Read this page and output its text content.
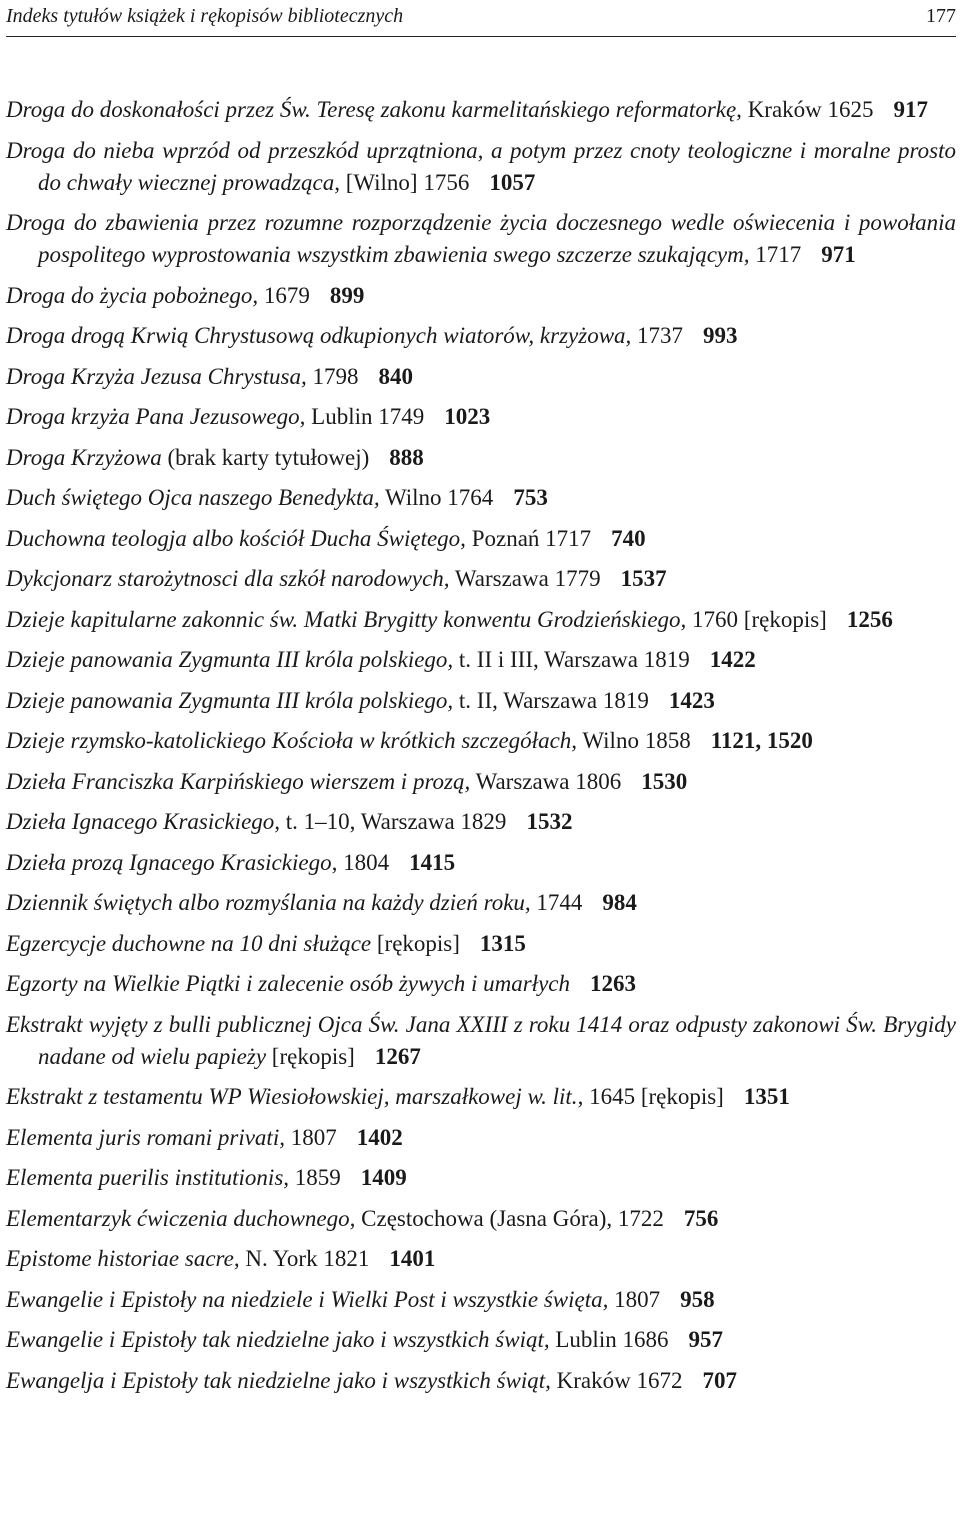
Indeks tytułów książek i rękopisów bibliotecznych	177
Droga do doskonałości przez Św. Teresę zakonu karmelitańskiego reformatorkę, Kraków 1625 917
Droga do nieba wprzód od przeszkód uprzątniona, a potym przez cnoty teologiczne i moralne prosto do chwały wiecznej prowadząca, [Wilno] 1756 1057
Droga do zbawienia przez rozumne rozporządzenie życia doczesnego wedle oświecenia i powołania pospolitego wyprostowania wszystkim zbawienia swego szczerze szukającym, 1717 971
Droga do życia pobożnego, 1679 899
Droga drogą Krwią Chrystusową odkupionych wiatorów, krzyżowa, 1737 993
Droga Krzyża Jezusa Chrystusa, 1798 840
Droga krzyża Pana Jezusowego, Lublin 1749 1023
Droga Krzyżowa (brak karty tytułowej) 888
Duch świętego Ojca naszego Benedykta, Wilno 1764 753
Duchowna teologja albo kościół Ducha Świętego, Poznań 1717 740
Dykcjonarz starożytnosci dla szkół narodowych, Warszawa 1779 1537
Dzieje kapitularne zakonnic św. Matki Brygitty konwentu Grodzieńskiego, 1760 [rękopis] 1256
Dzieje panowania Zygmunta III króla polskiego, t. II i III, Warszawa 1819 1422
Dzieje panowania Zygmunta III króla polskiego, t. II, Warszawa 1819 1423
Dzieje rzymsko-katolickiego Kościoła w krótkich szczegółach, Wilno 1858 1121, 1520
Dzieła Franciszka Karpińskiego wierszem i prozą, Warszawa 1806 1530
Dzieła Ignacego Krasickiego, t. 1–10, Warszawa 1829 1532
Dzieła prozą Ignacego Krasickiego, 1804 1415
Dziennik świętych albo rozmyślania na każdy dzień roku, 1744 984
Egzercycje duchowne na 10 dni służące [rękopis] 1315
Egzorty na Wielkie Piątki i zalecenie osób żywych i umarłych 1263
Ekstrakt wyjęty z bulli publicznej Ojca Św. Jana XXIII z roku 1414 oraz odpusty zakonowi Św. Brygidy nadane od wielu papieży [rękopis] 1267
Ekstrakt z testamentu WP Wiesiołowskiej, marszałkowej w. lit., 1645 [rękopis] 1351
Elementa juris romani privati, 1807 1402
Elementa puerilis institutionis, 1859 1409
Elementarzyk ćwiczenia duchownego, Częstochowa (Jasna Góra), 1722 756
Epistome historiae sacre, N. York 1821 1401
Ewangelie i Epistoły na niedziele i Wielki Post i wszystkie święta, 1807 958
Ewangelie i Epistoły tak niedzielne jako i wszystkich świąt, Lublin 1686 957
Ewangelja i Epistoły tak niedzielne jako i wszystkich świąt, Kraków 1672 707
